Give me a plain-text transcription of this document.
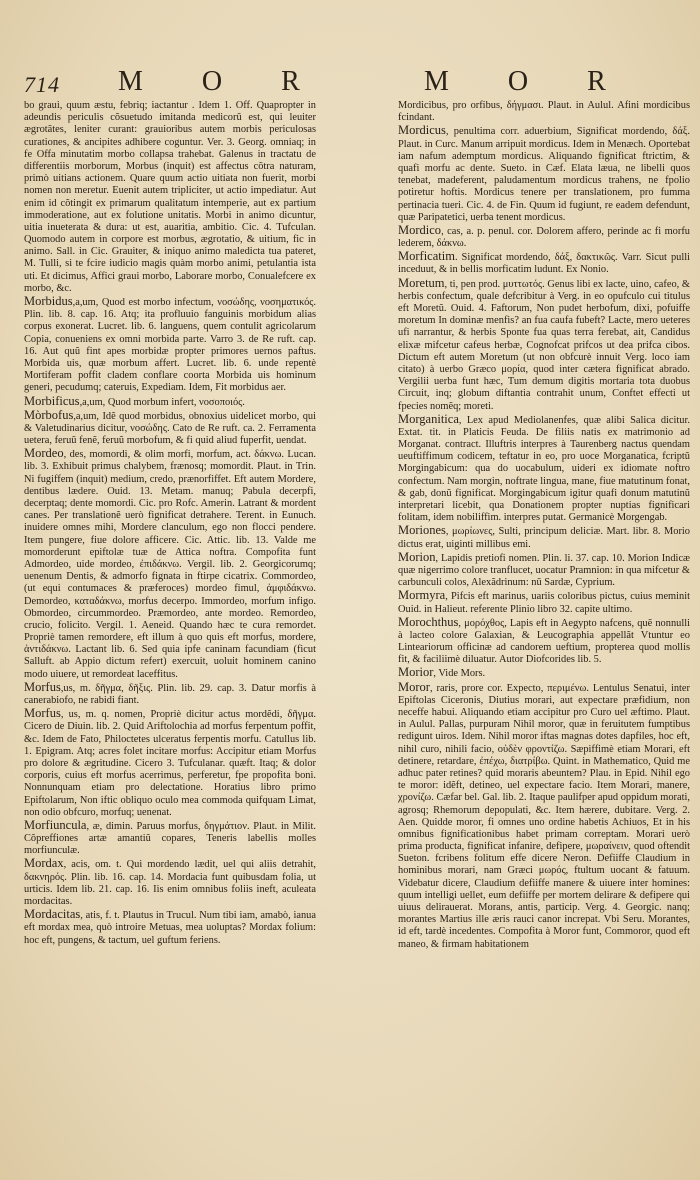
714 M O R	M O R

bo graui, quum æstu, febriq; iactantur . Idem 1. Off. Quapropter in adeundis periculis cõsuetudo imitanda medicorũ est, qui leuiter ægrotãtes, leniter curant: grauioribus autem morbis periculosas curationes, & ancipites adhibere coguntur. Ver. 3. Georg. omniaq; in fe Offa minutatim morbo collapsa trahebat. Galenus in tractatu de differentiis morborum, Morbus (inquit) est affectus cõtra naturam, primò uitians actionem. Quare quum actio uitiata non fuerit, morbi nomen non meretur. Euenit autem tripliciter, ut actio impediatur. Aut enim id cõtingit ex primarum qualitatum intemperie, aut ex partium immoderatione, aut ex folutione unitatis. Morbi in animo dicuntur, uitia inueterata & dura: ut est, auaritia, ambitio. Cic. 4. Tufculan. Quomodo autem in corpore est morbus, ægrotatio, & uitium, fic in animo. Sall. in Cic. Grauiter, & iniquo animo maledicta tua pateret, M. Tulli, si te fcire iudicio magis quàm morbo animi, petulantia ista uti. Et dicimus, Affici graui morbo, Laborare morbo, Conualefcere ex morbo, &c.

Morbidus,a,um, Quod est morbo infectum, νοσώδης, νοσηματικός. Plin. lib. 8. cap. 16. Atq; ita profluuio fanguinis morbidum alias corpus exonerat. Lucret. lib. 6. languens, quem contulit agricolarum Copia, conueniens ex omni morbida parte. Varro 3. de Re ruft. cap. 16. Aut quũ fint apes morbidæ propter primores uernos paftus. Morbida uis, quæ morbum affert. Lucret. lib. 6. unde repentè Mortiferam poffit cladem conflare coorta Morbida uis hominum generi, pecudumq; cateruis, Expediam. Idem, Fit morbidus aer.

Morbificus,a,um, Quod morbum infert, νοσοποιός.

Mòrbofus,a,um, Idẽ quod morbidus, obnoxius uidelicet morbo, qui & Valetudinarius dicitur, νοσώδης. Cato de Re ruft. ca. 2. Ferramenta uetera, feruũ fenẽ, feruũ morbofum, & fi quid aliud fuperfit, uendat.

Mordeo, des, momordi, & olim morfi, morfum, act. δάκνω. Lucan. lib. 3. Exhibuit primus chalybem, frænosq; momordit. Plaut. in Trin. Ni fugiffem (inquit) medium, credo, prænorfiffet. Eft autem Mordere, dentibus lædere. Ouid. 13. Metam. manuq; Pabula decerpfi, decerptaq; dente momordi. Cic. pro Rofc. Amerin. Latrant & mordent canes. Per translationẽ uerò fignificat detrahere. Terent. in Eunuch. inuidere omnes mihi, Mordere clanculum, ego non flocci pendere. Item pungere, fiue dolore afficere. Cic. Attic. lib. 13. Valde me momorderunt epiftolæ tuæ de Attica noftra. Compofita funt Admordeo, uide mordeo, ἐπιδάκνω. Vergil. lib. 2. Georgicorumq; uenenum Dentis, & admorfo fignata in ftirpe cicatrix. Commordeo, (ut equi contumaces & præferoces) mordeo fimul, ἀμφιδάκνω. Demordeo, καταδάκνω, morfus decerpo. Immordeo, morfum infigo. Obmordeo, circummordeo. Præmordeo, ante mordeo. Remordeo, crucio, folicito. Vergil. 1. Aeneid. Quando hæc te cura remordet. Propriè tamen remordere, eft illum à quo quis eft morfus, mordere, ἀντιδάκνω. Lactant lib. 6. Sed quia ipfe caninam facundiam (ficut Salluft. ab Appio dictum refert) exercuit, uoluit hominem canino modo uiuere, ut remordeat laceffitus.

Morfus,us, m. δῆγμα, δῆξις. Plin. lib. 29. cap. 3. Datur morfis à canerabiofo, ne rabidi fiant.

Morfus, us, m. q. nomen, Propriè dicitur actus mordẽdi, δῆγμα. Cicero de Diuin. lib. 2. Quid Ariftolochia ad morfus ferpentum poffit, &c. Idem de Fato, Philoctetes ulceratus ferpentis morfu. Catullus lib. 1. Epigram. Atq; acres folet incitare morfus: Accipitur etiam Morfus pro dolore & ægritudine. Cicero 3. Tufculanar. quæft. Itaq; & dolor corporis, cuius eft morfus acerrimus, perferetur, fpe propofita boni. Nonnunquam etiam pro delectatione. Horatius libro primo Epiftolarum, Non iftic obliquo oculo mea commoda quifquam Limat, non odio obfcuro, morfuq; uenenat.

Morfiuncula, æ, dimin. Paruus morfus, δηγμάτιον. Plaut. in Milit. Cõpreffiones artæ amantiũ copares, Teneris labellis molles morfiunculæ.

Mordax, acis, om. t. Qui mordendo lædit, uel qui aliis detrahit, δακνηρός. Plin. lib. 16. cap. 14. Mordacia funt quibusdam folia, ut urticis. Idem lib. 21. cap. 16. Iis enim omnibus foliis ineft, aculeata mordacitas.

Mordacitas, atis, f. t. Plautus in Trucul. Num tibi iam, amabò, ianua eft mordax mea, quò introire Metuas, mea uoluptas? Mordax folium: hoc eft, pungens, & tactum, uel guftum feriens.

Mordicibus, pro orfibus, δήγμασι. Plaut. in Aulul. Afini mordicibus fcindant.

Mordicus, penultima corr. aduerbium, Significat mordendo, δάξ. Plaut. in Curc. Manum arripuit mordicus. Idem in Menæch. Oportebat iam nafum ademptum mordicus. Aliquando fignificat ftrictim, & quafi morfu ac dente. Sueto. in Cæf. Elata læua, ne libelli quos tenebat, madeferent, paludamentum mordicus trahens, ne fpolio potiretur hoftis. Mordicus tenere per translationem, pro fumma pertinacia tueri. Cic. 4. de Fin. Quum id fugiunt, re eadem defendunt, quæ Paripatetici, uerba tenent mordicus.

Mordico, cas, a. p. penul. cor. Dolorem affero, perinde ac fi morfu lederem, δάκνω.

Morficatim. Significat mordendo, δάξ, δακτικῶς. Varr. Sicut pulli inceduut, & in bellis morficatim ludunt. Ex Nonio.

Moretum, ti, pen prod. μυττωτός. Genus libi ex lacte, uino, cafeo, & herbis confectum, quale defcribitur à Verg. in eo opufculo cui titulus eft Moretũ. Ouid. 4. Faftorum, Non pudet herbofum, dixi, pofuiffe moretum In dominæ menfis? an fua caufa fubeft? Lacte, mero ueteres ufi narrantur, & herbis Sponte fua quas terra ferebat, ait, Candidus elixæ mifcetur cafeus herbæ, Cognofcat prifcos ut dea prifca cibos. Dictum eft autem Moretum (ut non obfcurè innuit Verg. loco iam citato) à uerbo Græco μορία, quod inter cætera fignificat abrado. Vergilii uerba funt hæc, Tum demum digitis mortaria tota duobus Circuit, inq; globum diftantia contrahit unum, Conftet effecti ut fpecies nomẽq; moreti.

Morganitica, Lex apud Mediolanenfes, quæ alibi Salica dicitur. Extat. tit. in Platicis Feuda. De filiis natis ex matrimonio ad Morganat. contract. Illuftris interpres à Taurenberg nactus quendam ueuftiffimum codicem, teftatur in eo, pro uoce Morganatica, fcriptũ Morgingabicum: qua do uocabulum, uideri ex idiomate noftro confectum. Nam morgin, noftrate lingua, mane, fiue matutinum fonat, & gab, donũ fignificat. Morgingabicum igitur quafi donum matutinũ interpretari licebit, qua Donationem propter nuptias fignificari folitam, idem nobiliffim. interpres putat. Germanicè Morgengab.

Moriones, μωρίωνες, Sulti, principum deliciæ. Mart. libr. 8. Morio dictus erat, uiginti millibus emi.

Morion, Lapidis pretiofi nomen. Plin. li. 37. cap. 10. Morion Indicæ quæ nigerrimo colore tranflucet, uocatur Pramnion: in qua mifcetur & carbunculi colos, Alexãdrinum: nũ Sardæ, Cyprium.

Mormyra, Pifcis eft marinus, uariis coloribus pictus, cuius meminit Ouid. in Halieut. referente Plinio libro 32. capite ultimo.

Morochthus, μορόχθος, Lapis eft in Aegypto nafcens, quẽ nonnulli à lacteo colore Galaxian, & Leucographia appellãt Vtuntur eo Linteariorum officinæ ad candorem ueftium, propterea quod mollis fit, & faciliimè diluatur. Autor Diofcorides lib. 5.

Morior, Vide Mors.

Moror, raris, prore cor. Expecto, περιμένω. Lentulus Senatui, inter Epiftolas Ciceronis, Diutius morari, aut expectare præfidium, non neceffe habui. Aliquando etiam accipitur pro Curo uel æftimo. Plaut. in Aulul. Pallas, purpuram Nihil moror, quæ in feruitutem fumptibus redigunt uiros. Idem. Nihil moror iftas magnas dotes dapfiles, hoc eft, nihil curo, nihili facio, οὐδὲν φροντίζω. Sæpiffimè etiam Morari, eft detinere, retardare, ἐπέχω, διατρίβω. Quint. in Mathematico, Quid me adhuc pater retines? quid moraris abeuntem? Plau. in Epid. Nihil ego te moror: idẽft, detineo, uel expectare facio. Item Morari, manere, χρονίζω. Cæfar bel. Gal. lib. 2. Itaque paulifper apud oppidum morati, agrosq; Rhemorum depopulati, &c. Item hærere, dubitare. Verg. 2. Aen. Quidde moror, fi omnes uno ordine habetis Achiuos, Et in his omnibus fignificationibus habet primam correptam. Morari uerò prima producta, fignificat infanire, defipere, μωραίνειν, quod oftendit Sueton. fcribens folitum effe dicere Neron. Defiiffe Claudium in hominibus morari, nam Græci μωρός, ftultum uocant & fatuum. Videbatur dicere, Claudium defiiffe manere & uiuere inter homines: quum intelligi uellet, eum defiiffe per mortem delirare & defipere qui uiuus delirauerat. Morans, antis, particip. Verg. 4. Georgic. nanq; morantes Martius ille æris rauci canor increpat. Vbi Seru. Morantes, id eft, tardè incedentes. Compofita à Moror funt, Commoror, quod eft maneo, & firmam habitationem
